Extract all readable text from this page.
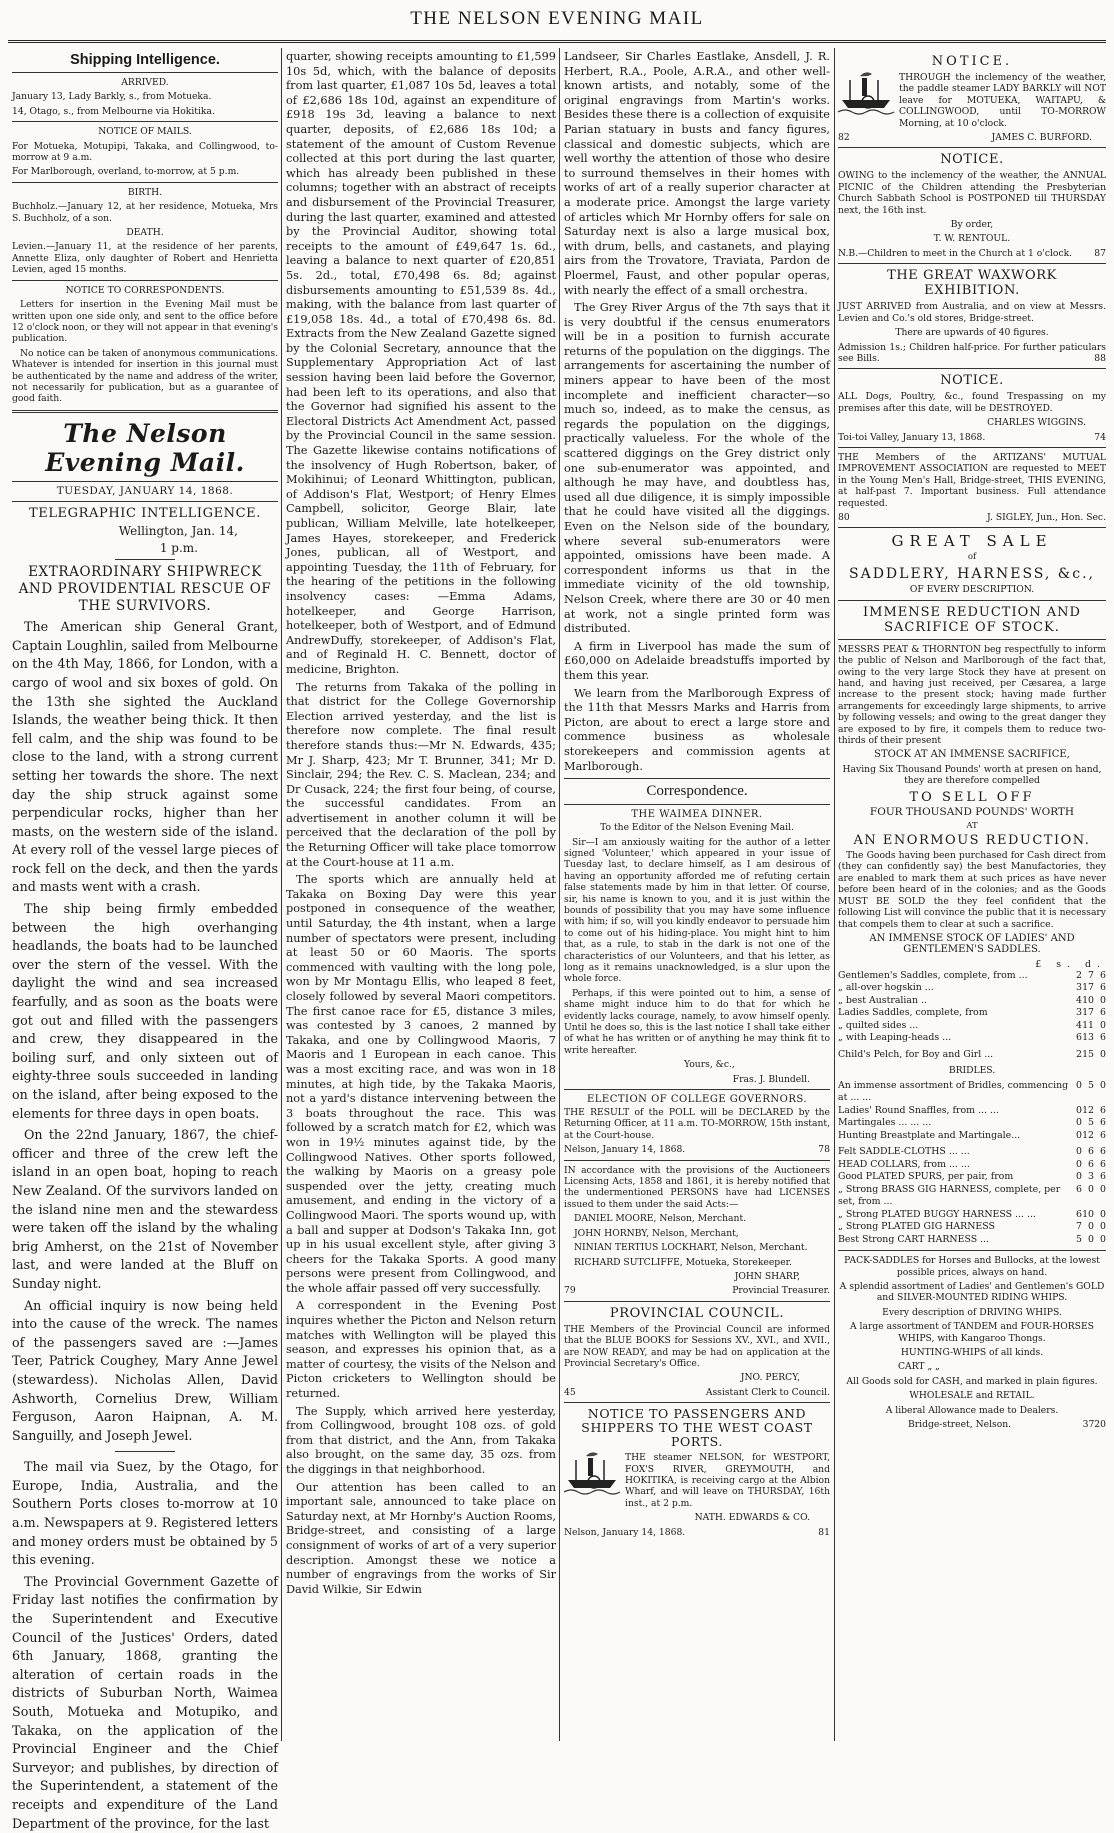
THE NELSON EVENING MAIL
Shipping Intelligence.

ARRIVED.

January 13, Lady Barkly, s., from Motueka.

14, Otago, s., from Melbourne via Hokitika.

NOTICE OF MAILS.

For Motueka, Motupipi, Takaka, and Collingwood, to-morrow at 9 a.m.

For Marlborough, overland, to-morrow, at 5 p.m.

BIRTH.

Buchholz.—January 12, at her residence, Motueka, Mrs S. Buchholz, of a son.

DEATH.

Levien.—January 11, at the residence of her parents, Annette Eliza, only daughter of Robert and Henrietta Levien, aged 15 months.

NOTICE TO CORRESPONDENTS.

Letters for insertion in the Evening Mail must be written upon one side only, and sent to the office before 12 o'clock noon, or they will not appear in that evening's publication.

No notice can be taken of anonymous communications. Whatever is intended for insertion in this journal must be authenticated by the name and address of the writer, not necessarily for publication, but as a guarantee of good faith.

The Nelson Evening Mail.

TUESDAY, JANUARY 14, 1868.

TELEGRAPHIC INTELLIGENCE.

Wellington, Jan. 14,

1 p.m.

EXTRAORDINARY SHIPWRECK AND PROVIDENTIAL RESCUE OF THE SURVIVORS.

The American ship General Grant, Captain Loughlin, sailed from Melbourne on the 4th May, 1866, for London, with a cargo of wool and six boxes of gold. On the 13th she sighted the Auckland Islands, the weather being thick. It then fell calm, and the ship was found to be close to the land, with a strong current setting her towards the shore. The next day the ship struck against some perpendicular rocks, higher than her masts, on the western side of the island. At every roll of the vessel large pieces of rock fell on the deck, and then the yards and masts went with a crash.

The ship being firmly embedded between the high overhanging headlands, the boats had to be launched over the stern of the vessel. With the daylight the wind and sea increased fearfully, and as soon as the boats were got out and filled with the passengers and crew, they disappeared in the boiling surf, and only sixteen out of eighty-three souls succeeded in landing on the island, after being exposed to the elements for three days in open boats.

On the 22nd January, 1867, the chief-officer and three of the crew left the island in an open boat, hoping to reach New Zealand. Of the survivors landed on the island nine men and the stewardess were taken off the island by the whaling brig Amherst, on the 21st of November last, and were landed at the Bluff on Sunday night.

An official inquiry is now being held into the cause of the wreck. The names of the passengers saved are :—James Teer, Patrick Coughey, Mary Anne Jewel (stewardess). Nicholas Allen, David Ashworth, Cornelius Drew, William Ferguson, Aaron Haipnan, A. M. Sanguilly, and Joseph Jewel.

The mail via Suez, by the Otago, for Europe, India, Australia, and the Southern Ports closes to-morrow at 10 a.m. Newspapers at 9. Registered letters and money orders must be obtained by 5 this evening.

The Provincial Government Gazette of Friday last notifies the confirmation by the Superintendent and Executive Council of the Justices' Orders, dated 6th January, 1868, granting the alteration of certain roads in the districts of Suburban North, Waimea South, Motueka and Motupiko, and Takaka, on the application of the Provincial Engineer and the Chief Surveyor; and publishes, by direction of the Superintendent, a statement of the receipts and expenditure of the Land Department of the province, for the last

quarter, showing receipts amounting to £1,599 10s 5d, which, with the balance of deposits from last quarter, £1,087 10s 5d, leaves a total of £2,686 18s 10d, against an expenditure of £918 19s 3d, leaving a balance to next quarter, deposits, of £2,686 18s 10d; a statement of the amount of Custom Revenue collected at this port during the last quarter, which has already been published in these columns; together with an abstract of receipts and disbursement of the Provincial Treasurer, during the last quarter, examined and attested by the Provincial Auditor, showing total receipts to the amount of £49,647 1s. 6d., leaving a balance to next quarter of £20,851 5s. 2d., total, £70,498 6s. 8d; against disbursements amounting to £51,539 8s. 4d., making, with the balance from last quarter of £19,058 18s. 4d., a total of £70,498 6s. 8d. Extracts from the New Zealand Gazette signed by the Colonial Secretary, announce that the Supplementary Appropriation Act of last session having been laid before the Governor, had been left to its operations, and also that the Governor had signified his assent to the Electoral Districts Act Amendment Act, passed by the Provincial Council in the same session. The Gazette likewise contains notifications of the insolvency of Hugh Robertson, baker, of Mokihinui; of Leonard Whittington, publican, of Addison's Flat, Westport; of Henry Elmes Campbell, solicitor, George Blair, late publican, William Melville, late hotelkeeper, James Hayes, storekeeper, and Frederick Jones, publican, all of Westport, and appointing Tuesday, the 11th of February, for the hearing of the petitions in the following insolvency cases: —Emma Adams, hotelkeeper, and George Harrison, hotelkeeper, both of Westport, and of Edmund AndrewDuffy, storekeeper, of Addison's Flat, and of Reginald H. C. Bennett, doctor of medicine, Brighton.

The returns from Takaka of the polling in that district for the College Governorship Election arrived yesterday, and the list is therefore now complete. The final result therefore stands thus:—Mr N. Edwards, 435; Mr J. Sharp, 423; Mr T. Brunner, 341; Mr D. Sinclair, 294; the Rev. C. S. Maclean, 234; and Dr Cusack, 224; the first four being, of course, the successful candidates. From an advertisement in another column it will be perceived that the declaration of the poll by the Returning Officer will take place tomorrow at the Court-house at 11 a.m.

The sports which are annually held at Takaka on Boxing Day were this year postponed in consequence of the weather, until Saturday, the 4th instant, when a large number of spectators were present, including at least 50 or 60 Maoris. The sports commenced with vaulting with the long pole, won by Mr Montagu Ellis, who leaped 8 feet, closely followed by several Maori competitors. The first canoe race for £5, distance 3 miles, was contested by 3 canoes, 2 manned by Takaka, and one by Collingwood Maoris, 7 Maoris and 1 European in each canoe. This was a most exciting race, and was won in 18 minutes, at high tide, by the Takaka Maoris, not a yard's distance intervening between the 3 boats throughout the race. This was followed by a scratch match for £2, which was won in 19½ minutes against tide, by the Collingwood Natives. Other sports followed, the walking by Maoris on a greasy pole suspended over the jetty, creating much amusement, and ending in the victory of a Collingwood Maori. The sports wound up, with a ball and supper at Dodson's Takaka Inn, got up in his usual excellent style, after giving 3 cheers for the Takaka Sports. A good many persons were present from Collingwood, and the whole affair passed off very successfully.

A correspondent in the Evening Post inquires whether the Picton and Nelson return matches with Wellington will be played this season, and expresses his opinion that, as a matter of courtesy, the visits of the Nelson and Picton cricketers to Wellington should be returned.

The Supply, which arrived here yesterday, from Collingwood, brought 108 ozs. of gold from that district, and the Ann, from Takaka also brought, on the same day, 35 ozs. from the diggings in that neighborhood.

Our attention has been called to an important sale, announced to take place on Saturday next, at Mr Hornby's Auction Rooms, Bridge-street, and consisting of a large consignment of works of art of a very superior description. Amongst these we notice a number of engravings from the works of Sir David Wilkie, Sir Edwin

Landseer, Sir Charles Eastlake, Ansdell, J. R. Herbert, R.A., Poole, A.R.A., and other well-known artists, and notably, some of the original engravings from Martin's works. Besides these there is a collection of exquisite Parian statuary in busts and fancy figures, classical and domestic subjects, which are well worthy the attention of those who desire to surround themselves in their homes with works of art of a really superior character at a moderate price. Amongst the large variety of articles which Mr Hornby offers for sale on Saturday next is also a large musical box, with drum, bells, and castanets, and playing airs from the Trovatore, Traviata, Pardon de Ploermel, Faust, and other popular operas, with nearly the effect of a small orchestra.

The Grey River Argus of the 7th says that it is very doubtful if the census enumerators will be in a position to furnish accurate returns of the population on the diggings. The arrangements for ascertaining the number of miners appear to have been of the most incomplete and inefficient character—so much so, indeed, as to make the census, as regards the population on the diggings, practically valueless. For the whole of the scattered diggings on the Grey district only one sub-enumerator was appointed, and although he may have, and doubtless has, used all due diligence, it is simply impossible that he could have visited all the diggings. Even on the Nelson side of the boundary, where several sub-enumerators were appointed, omissions have been made. A correspondent informs us that in the immediate vicinity of the old township, Nelson Creek, where there are 30 or 40 men at work, not a single printed form was distributed.

A firm in Liverpool has made the sum of £60,000 on Adelaide breadstuffs imported by them this year.

We learn from the Marlborough Express of the 11th that Messrs Marks and Harris from Picton, are about to erect a large store and commence business as wholesale storekeepers and commission agents at Marlborough.

Correspondence.
THE WAIMEA DINNER.

To the Editor of the Nelson Evening Mail.

Sir—I am anxiously waiting for the author of a letter signed 'Volunteer,' which appeared in your issue of Tuesday last, to declare himself, as I am desirous of having an opportunity afforded me of refuting certain false statements made by him in that letter. Of course, sir, his name is known to you, and it is just within the bounds of possibility that you may have some influence with him; if so, will you kindly endeavor to persuade him to come out of his hiding-place. You might hint to him that, as a rule, to stab in the dark is not one of the characteristics of our Volunteers, and that his letter, as long as it remains unacknowledged, is a slur upon the whole force.

Perhaps, if this were pointed out to him, a sense of shame might induce him to do that for which he evidently lacks courage, namely, to avow himself openly. Until he does so, this is the last notice I shall take either of what he has written or of anything he may think fit to write hereafter.

Yours, &c.,

Fras. J. Blundell.

ELECTION OF COLLEGE GOVERNORS.

THE RESULT of the POLL will be DECLARED by the Returning Officer, at 11 a.m. TO-MORROW, 15th instant, at the Court-house.

Nelson, January 14, 1868.	78

IN accordance with the provisions of the Auctioneers Licensing Acts, 1858 and 1861, it is hereby notified that the undermentioned PERSONS have had LICENSES issued to them under the said Acts:—

DANIEL MOORE, Nelson, Merchant.

JOHN HORNBY, Nelson, Merchant,

NINIAN TERTIUS LOCKHART, Nelson, Merchant.

RICHARD SUTCLIFFE, Motueka, Storekeeper.

JOHN SHARP,

79	Provincial Treasurer.

PROVINCIAL COUNCIL.

THE Members of the Provincial Council are informed that the BLUE BOOKS for Sessions XV., XVI., and XVII., are NOW READY, and may be had on application at the Provincial Secretary's Office.

JNO. PERCY,

45	Assistant Clerk to Council.

NOTICE TO PASSENGERS AND SHIPPERS TO THE WEST COAST PORTS.

THE steamer NELSON, for WESTPORT, FOX'S RIVER, GREYMOUTH, and HOKITIKA, is receiving cargo at the Albion Wharf, and will leave on THURSDAY, 16th inst., at 2 p.m.

NATH. EDWARDS & CO.

Nelson, January 14, 1868.	81

NOTICE.

THROUGH the inclemency of the weather, the paddle steamer LADY BARKLY will NOT leave for MOTUEKA, WAITAPU, & COLLINGWOOD, until TO-MORROW Morning, at 10 o'clock.

82	JAMES C. BURFORD.

NOTICE.

OWING to the inclemency of the weather, the ANNUAL PICNIC of the Children attending the Presbyterian Church Sabbath School is POSTPONED till THURSDAY next, the 16th inst.

By order,

T. W. RENTOUL.

N.B.—Children to meet in the Church at 1 o'clock. 87

THE GREAT WAXWORK EXHIBITION.

JUST ARRIVED from Australia, and on view at Messrs. Levien and Co.'s old stores, Bridge-street.

There are upwards of 40 figures.

Admission 1s.; Children half-price. For further paticulars see Bills.	88

NOTICE.

ALL Dogs, Poultry, &c., found Trespassing on my premises after this date, will be DESTROYED.

CHARLES WIGGINS.

Toi-toi Valley, January 13, 1868.	74

THE Members of the ARTIZANS' MUTUAL IMPROVEMENT ASSOCIATION are requested to MEET in the Young Men's Hall, Bridge-street, THIS EVENING, at half-past 7. Important business. Full attendance requested.

80	J. SIGLEY, Jun., Hon. Sec.

GREAT SALE

of

SADDLERY, HARNESS, &c.,

OF EVERY DESCRIPTION.

IMMENSE REDUCTION AND SACRIFICE OF STOCK.

MESSRS PEAT & THORNTON beg respectfully to inform the public of Nelson and Marlborough of the fact that, owing to the very large Stock they have at present on hand, and having just received, per Cæsarea, a large increase to the present stock; having made further arrangements for exceedingly large shipments, to arrive by following vessels; and owing to the great danger they are exposed to by fire, it compels them to reduce two-thirds of their present

STOCK AT AN IMMENSE SACRIFICE,

Having Six Thousand Pounds' worth at presen on hand, they are therefore compelled

TO SELL OFF

FOUR THOUSAND POUNDS' WORTH

AT

AN ENORMOUS REDUCTION.

The Goods having been purchased for Cash direct from (they can confidently say) the best Manufactories, they are enabled to mark them at such prices as have never before been heard of in the colonies; and as the Goods MUST BE SOLD the they feel confident that the following List will convince the public that it is necessary that compels them to clear at such a sacrifice.

AN IMMENSE STOCK OF LADIES' AND GENTLEMEN'S SADDLES.

£ s. d.
Gentlemen's Saddles, complete, from ...	2	7	6
„ all-over hogskin ...	3	17	6
„ best Australian ..	4	10	0
Ladies Saddles, complete, from	3	17	6
„ quilted sides ...	4	11	0
„ with Leaping-heads ...	6	13	6
Child's Pelch, for Boy and Girl ...	2	15	0

BRIDLES.

An immense assortment of Bridles, commencing at ... ...	0	5	0
Ladies' Round Snaffles, from ... ...	0	12	6
Martingales ... ... ...	0	5	6
Hunting Breastplate and Martingale...	0	12	6
Felt SADDLE-CLOTHS ... ...	0	6	6
HEAD COLLARS, from ... ...	0	6	6
Good PLATED SPURS, per pair, from	0	3	6
„ Strong BRASS GIG HARNESS, complete, per set, from ...	6	0	0
„ Strong PLATED BUGGY HARNESS ... ...	6	10	0
„ Strong PLATED GIG HARNESS	7	0	0
Best Strong CART HARNESS ...	5	0	0

PACK-SADDLES for Horses and Bullocks, at the lowest possible prices, always on hand.

A splendid assortment of Ladies' and Gentlemen's GOLD and SILVER-MOUNTED RIDING WHIPS.

Every description of DRIVING WHIPS.

A large assortment of TANDEM and FOUR-HORSES WHIPS, with Kangaroo Thongs.

HUNTING-WHIPS of all kinds.

CART „ „

All Goods sold for CASH, and marked in plain figures.

WHOLESALE and RETAIL.

A liberal Allowance made to Dealers.

Bridge-street, Nelson.	3720
